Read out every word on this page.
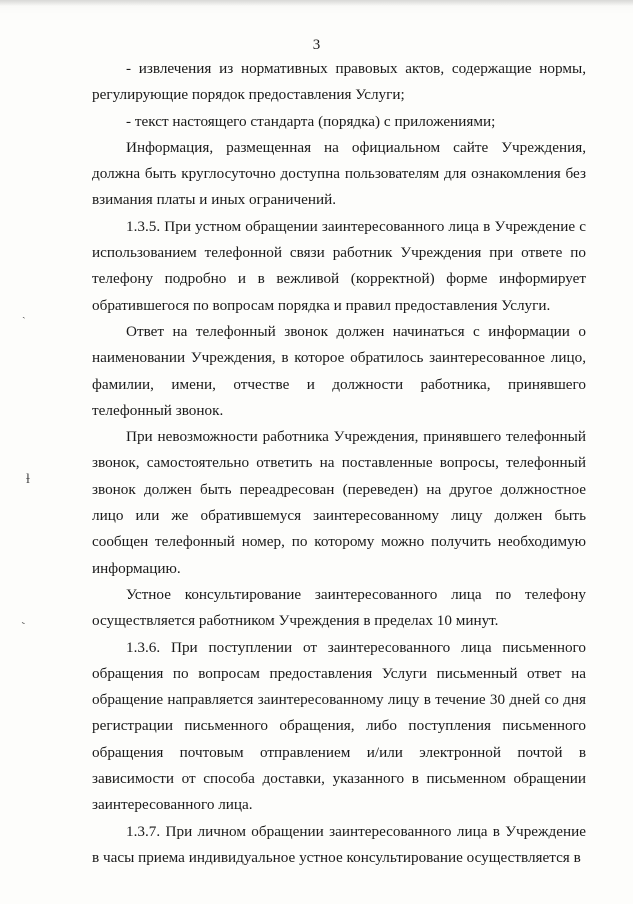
3
ˎ
ƚ
˞

- извлечения из нормативных правовых актов, содержащие нормы, регулирующие порядок предоставления Услуги;

- текст настоящего стандарта (порядка) с приложениями;

Информация, размещенная на официальном сайте Учреждения, должна быть круглосуточно доступна пользователям для ознакомления без взимания платы и иных ограничений.

1.3.5. При устном обращении заинтересованного лица в Учреждение с использованием телефонной связи работник Учреждения при ответе по телефону подробно и в вежливой (корректной) форме информирует обратившегося по вопросам порядка и правил предоставления Услуги.

Ответ на телефонный звонок должен начинаться с информации о наименовании Учреждения, в которое обратилось заинтересованное лицо, фамилии, имени, отчестве и должности работника, принявшего телефонный звонок.

При невозможности работника Учреждения, принявшего телефонный звонок, самостоятельно ответить на поставленные вопросы, телефонный звонок должен быть переадресован (переведен) на другое должностное лицо или же обратившемуся заинтересованному лицу должен быть сообщен телефонный номер, по которому можно получить необходимую информацию.

Устное консультирование заинтересованного лица по телефону осуществляется работником Учреждения в пределах 10 минут.

1.3.6. При поступлении от заинтересованного лица письменного обращения по вопросам предоставления Услуги письменный ответ на обращение направляется заинтересованному лицу в течение 30 дней со дня регистрации письменного обращения, либо поступления письменного обращения почтовым отправлением и/или электронной почтой в зависимости от способа доставки, указанного в письменном обращении заинтересованного лица.

1.3.7. При личном обращении заинтересованного лица в Учреждение в часы приема индивидуальное устное консультирование осуществляется в
